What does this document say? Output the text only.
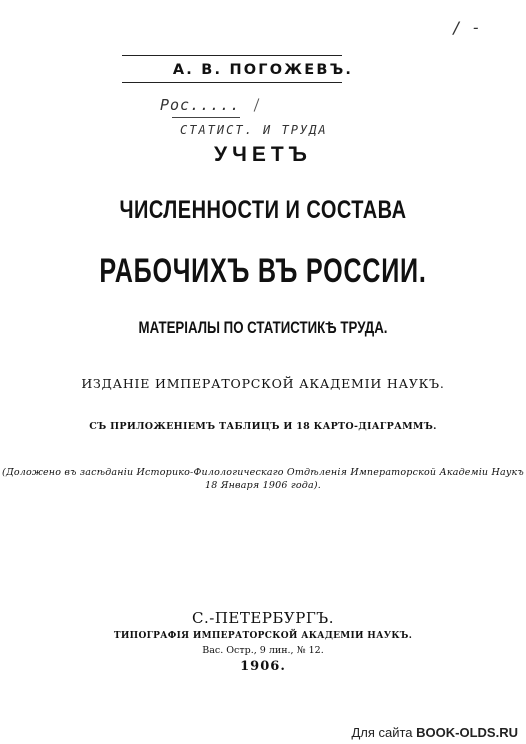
/ -
А. В. ПОГОЖЕВЪ.
Рос.....
СТАТИСТ. И ТРУДА
УЧЕТЪ
ЧИСЛЕННОСТИ И СОСТАВА
РАБОЧИХЪ ВЪ РОССИИ.
МАТЕРІАЛЫ ПО СТАТИСТИКѢ ТРУДА.
ИЗДАНІЕ ИМПЕРАТОРСКОЙ АКАДЕМІИ НАУКЪ.
СЪ ПРИЛОЖЕНІЕМЪ ТАБЛИЦЪ И 18 КАРТО-ДІАГРАММЪ.
(Доложено въ засѣданіи Историко-Филологическаго Отдѣленія Императорской Академіи Наукъ
18 Января 1906 года).
С.-ПЕТЕРБУРГЪ.
ТИПОГРАФІЯ ИМПЕРАТОРСКОЙ АКАДЕМІИ НАУКЪ.
Вас. Остр., 9 лин., № 12.
1906.
Для сайта BOOK-OLDS.RU
